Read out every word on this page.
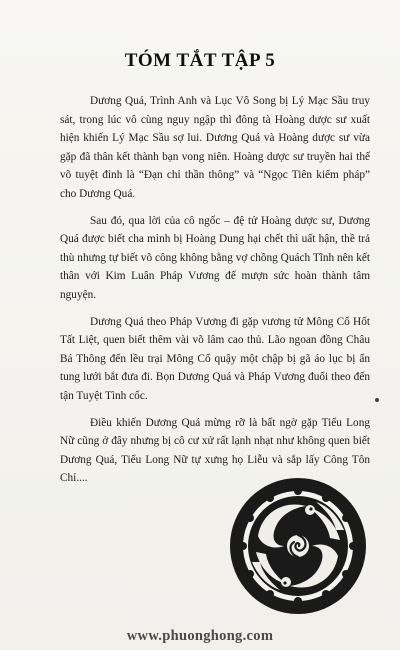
TÓM TẮT TẬP 5

Dương Quá, Trình Anh và Lục Vô Song bị Lý Mạc Sầu truy sát, trong lúc vô cùng nguy ngập thì đông tà Hoàng dược sư xuất hiện khiến Lý Mạc Sầu sợ lui. Dương Quá và Hoàng dược sư vừa gặp đã thân kết thành bạn vong niên. Hoàng dược sư truyền hai thế võ tuyệt đỉnh là “Đạn chỉ thần thông” và “Ngọc Tiên kiếm pháp” cho Dương Quá.

Sau đó, qua lời của cô ngốc – đệ tử Hoàng dược sư, Dương Quá được biết cha mình bị Hoàng Dung hại chết thì uất hận, thề trả thù nhưng tự biết võ công không bằng vợ chồng Quách Tĩnh nên kết thân với Kim Luân Pháp Vương để mượn sức hoàn thành tâm nguyện.

Dương Quá theo Pháp Vương đi gặp vương tử Mông Cổ Hốt Tất Liệt, quen biết thêm vài võ lâm cao thủ. Lão ngoan đồng Châu Bá Thông đến lều trại Mông Cổ quậy một chập bị gã áo lục bị ẩn tung lưới bắt đưa đi. Bọn Dương Quá và Pháp Vương đuổi theo đến tận Tuyệt Tình cốc.

Điều khiến Dương Quá mừng rỡ là bất ngờ gặp Tiểu Long Nữ cũng ở đây nhưng bị cô cư xử rất lạnh nhạt như không quen biết Dương Quá, Tiểu Long Nữ tự xưng họ Liễu và sắp lấy Công Tôn Chỉ....

www.phuonghong.com
